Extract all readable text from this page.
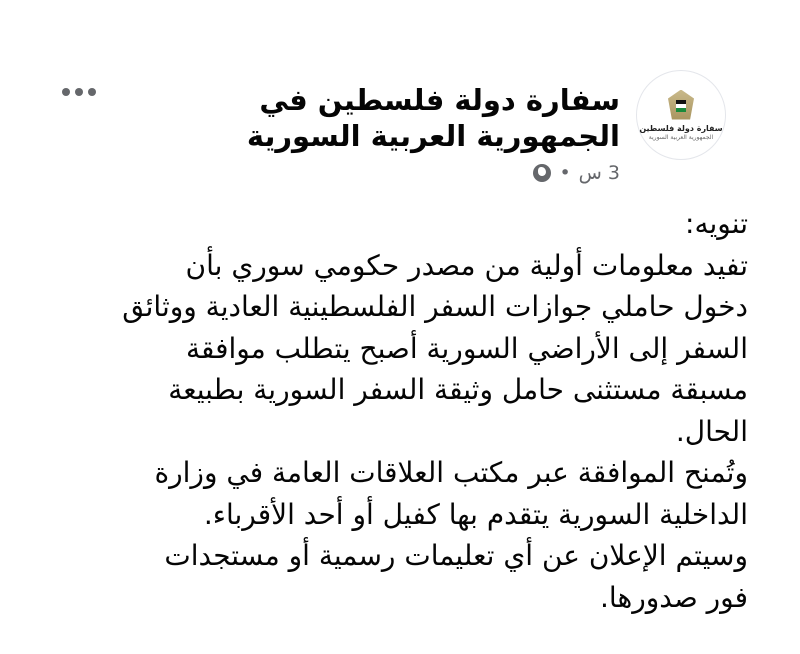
سفارة دولة فلسطين
الجمهورية العربية السورية
سفارة دولة فلسطين في الجمهورية العربية السورية
3 س
•
تنويه:
تفيد معلومات أولية من مصدر حكومي سوري بأن
دخول حاملي جوازات السفر الفلسطينية العادية ووثائق
السفر إلى الأراضي السورية أصبح يتطلب موافقة
مسبقة مستثنى حامل وثيقة السفر السورية بطبيعة
الحال.
وتُمنح الموافقة عبر مكتب العلاقات العامة في وزارة
الداخلية السورية يتقدم بها كفيل أو أحد الأقرباء.
وسيتم الإعلان عن أي تعليمات رسمية أو مستجدات
فور صدورها.
